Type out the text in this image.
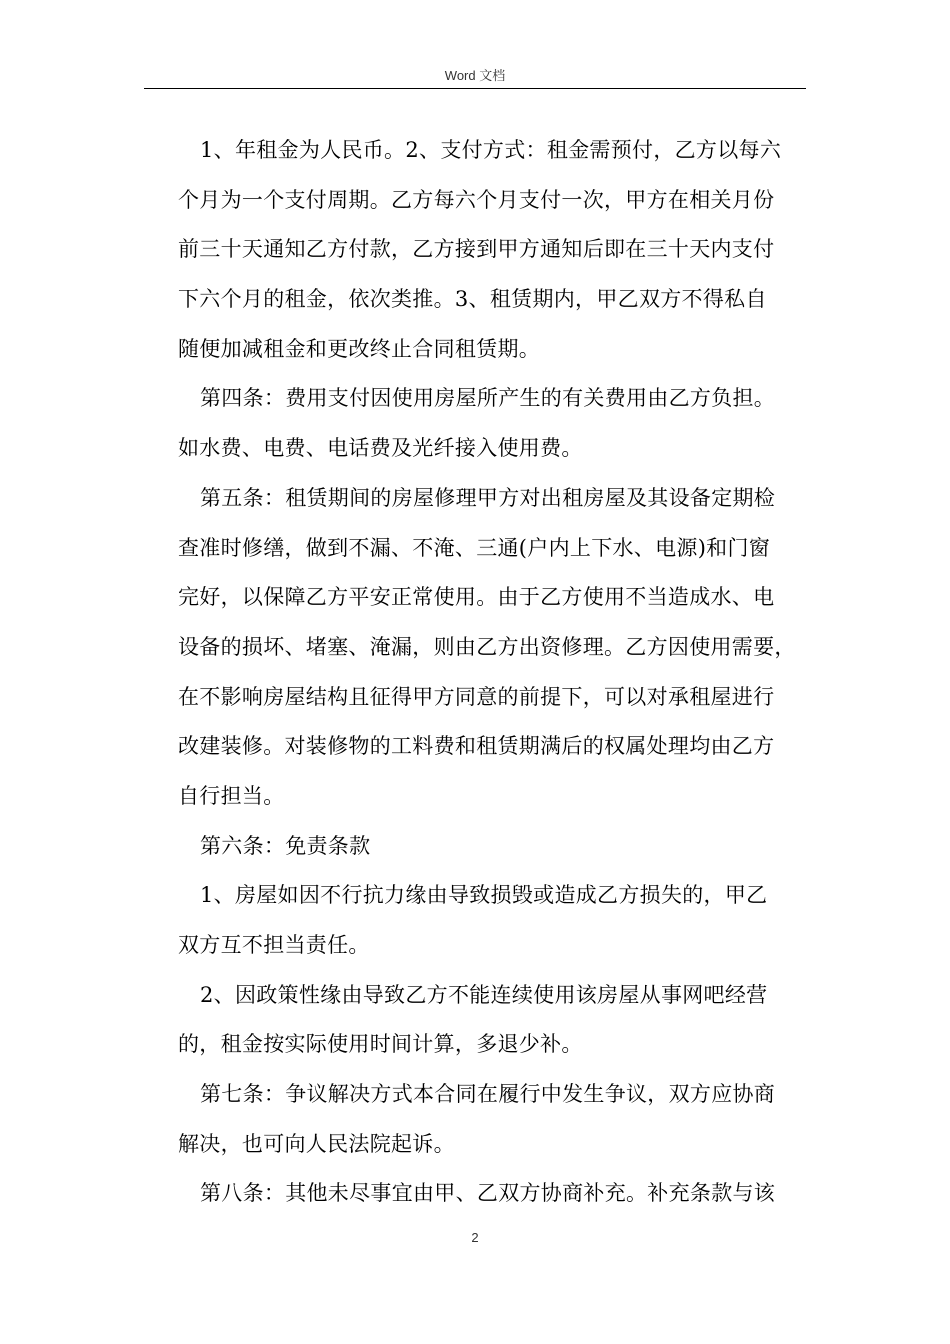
Word 文档
1、年租金为人民币。2、支付方式：租金需预付，乙方以每六
个月为一个支付周期。乙方每六个月支付一次，甲方在相关月份
前三十天通知乙方付款，乙方接到甲方通知后即在三十天内支付
下六个月的租金，依次类推。3、租赁期内，甲乙双方不得私自
随便加减租金和更改终止合同租赁期。
第四条：费用支付因使用房屋所产生的有关费用由乙方负担。
如水费、电费、电话费及光纤接入使用费。
第五条：租赁期间的房屋修理甲方对出租房屋及其设备定期检
查准时修缮，做到不漏、不淹、三通(户内上下水、电源)和门窗
完好，以保障乙方平安正常使用。由于乙方使用不当造成水、电
设备的损坏、堵塞、淹漏，则由乙方出资修理。乙方因使用需要，
在不影响房屋结构且征得甲方同意的前提下，可以对承租屋进行
改建装修。对装修物的工料费和租赁期满后的权属处理均由乙方
自行担当。
第六条：免责条款
1、房屋如因不行抗力缘由导致损毁或造成乙方损失的，甲乙
双方互不担当责任。
2、因政策性缘由导致乙方不能连续使用该房屋从事网吧经营
的，租金按实际使用时间计算，多退少补。
第七条：争议解决方式本合同在履行中发生争议，双方应协商
解决，也可向人民法院起诉。
第八条：其他未尽事宜由甲、乙双方协商补充。补充条款与该
2
